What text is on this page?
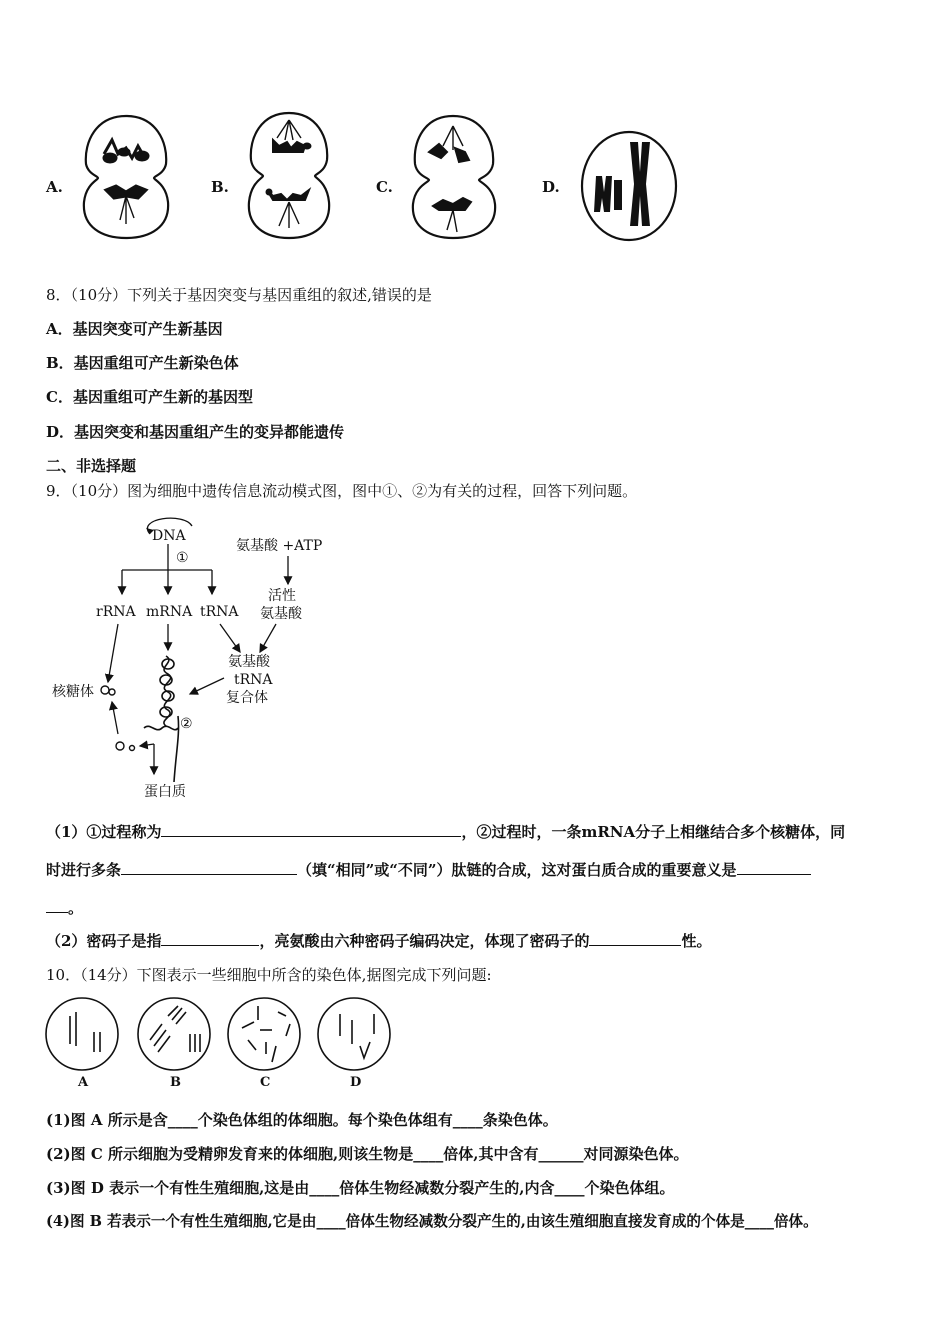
A.	B.	C.	D.
8．（10分）下列关于基因突变与基因重组的叙述,错误的是
A．基因突变可产生新基因
B．基因重组可产生新染色体
C．基因重组可产生新的基因型
D．基因突变和基因重组产生的变异都能遗传
二、非选择题
9．（10分）图为细胞中遗传信息流动模式图，图中①、②为有关的过程，回答下列问题。
DNA
①
氨基酸 +ATP
活性
氨基酸
rRNA mRNA tRNA
氨基酸
tRNA
复合体
②
核糖体
蛋白质
（1）①过程称为	，②过程时，一条mRNA分子上相继结合多个核糖体，同
时进行多条	（填“相同”或“不同”）肽链的合成，这对蛋白质合成的重要意义是
。
（2）密码子是指	，亮氨酸由六种密码子编码决定，体现了密码子的	性。
10．（14分）下图表示一些细胞中所含的染色体,据图完成下列问题:
A	B	C	D
(1)图 A 所示是含____个染色体组的体细胞。每个染色体组有____条染色体。
(2)图 C 所示细胞为受精卵发育来的体细胞,则该生物是____倍体,其中含有______对同源染色体。
(3)图 D 表示一个有性生殖细胞,这是由____倍体生物经减数分裂产生的,内含____个染色体组。
(4)图 B 若表示一个有性生殖细胞,它是由____倍体生物经减数分裂产生的,由该生殖细胞直接发育成的个体是____倍体。
